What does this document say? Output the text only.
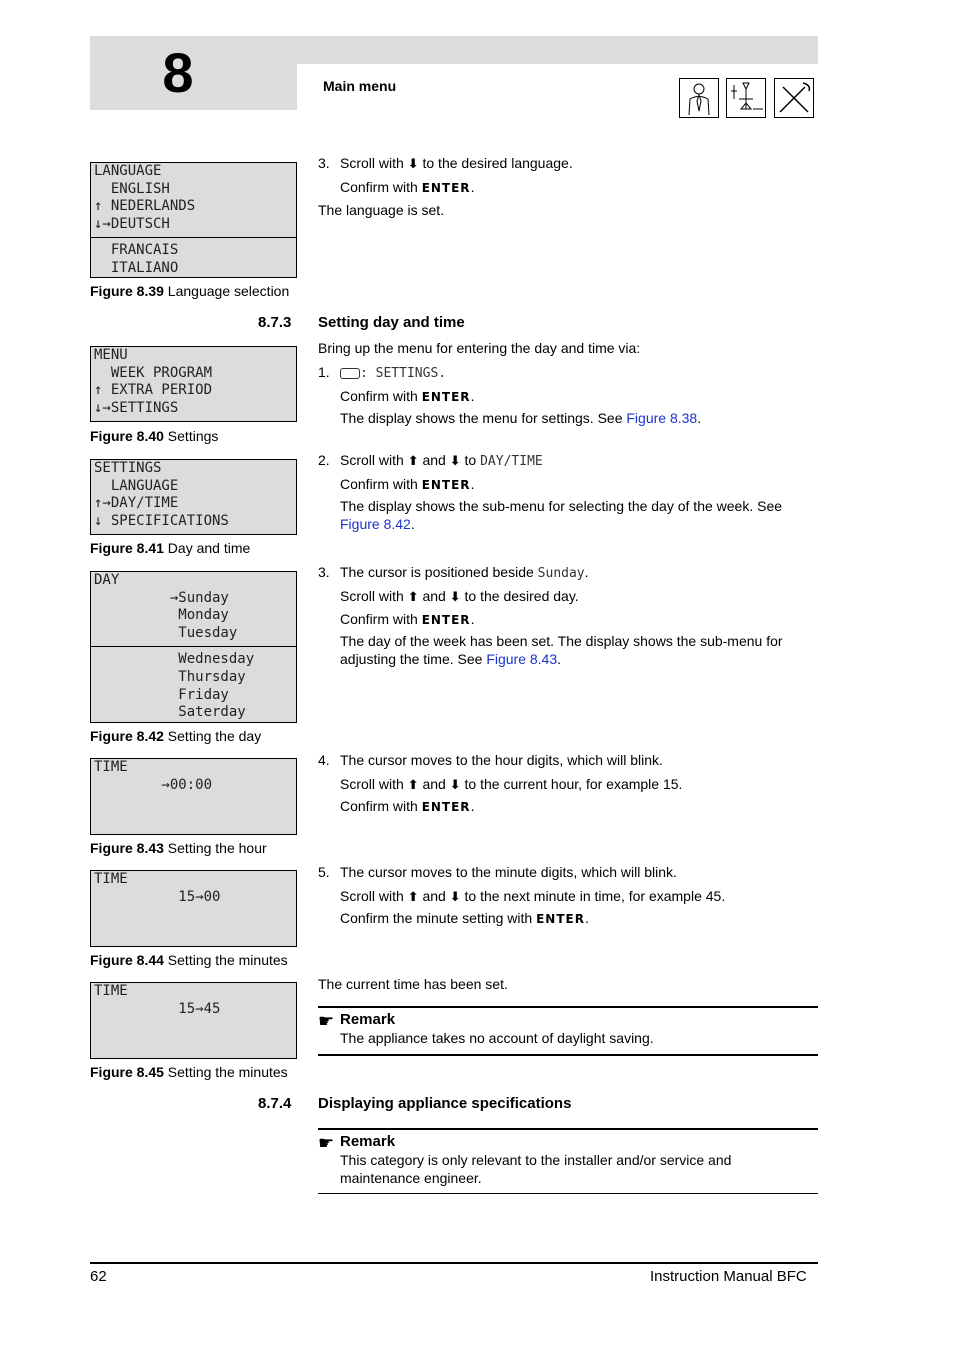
8	Main menu
LANGUAGE
ENGLISH
↑ NEDERLANDS
↓→DEUTSCH
FRANCAIS
ITALIANO
Figure 8.39 Language selection
MENU
WEEK PROGRAM
↑ EXTRA PERIOD
↓→SETTINGS
Figure 8.40 Settings
SETTINGS
LANGUAGE
↑→DAY/TIME
↓ SPECIFICATIONS
Figure 8.41 Day and time
DAY
→Sunday
Monday
Tuesday
Wednesday
Thursday
Friday
Saterday
Figure 8.42 Setting the day
TIME
→00:00
Figure 8.43 Setting the hour
TIME
15→00
Figure 8.44 Setting the minutes
TIME
15→45
Figure 8.45 Setting the minutes
3. Scroll with ⬇ to the desired language.
Confirm with ENTER.
The language is set.
8.7.3 Setting day and time
Bring up the menu for entering the day and time via:
1.	: SETTINGS.
Confirm with ENTER.
The display shows the menu for settings. See Figure 8.38.
2. Scroll with ⬆ and ⬇ to DAY/TIME
Confirm with ENTER.
The display shows the sub-menu for selecting the day of the week. See
Figure 8.42.
3. The cursor is positioned beside Sunday.
Scroll with ⬆ and ⬇ to the desired day.
Confirm with ENTER.
The day of the week has been set. The display shows the sub-menu for
adjusting the time. See Figure 8.43.
4. The cursor moves to the hour digits, which will blink.
Scroll with ⬆ and ⬇ to the current hour, for example 15.
Confirm with ENTER.
5. The cursor moves to the minute digits, which will blink.
Scroll with ⬆ and ⬇ to the next minute in time, for example 45.
Confirm the minute setting with ENTER.
The current time has been set.
☛ Remark
The appliance takes no account of daylight saving.
8.7.4 Displaying appliance specifications
☛ Remark
This category is only relevant to the installer and/or service and
maintenance engineer.
62	Instruction Manual BFC
